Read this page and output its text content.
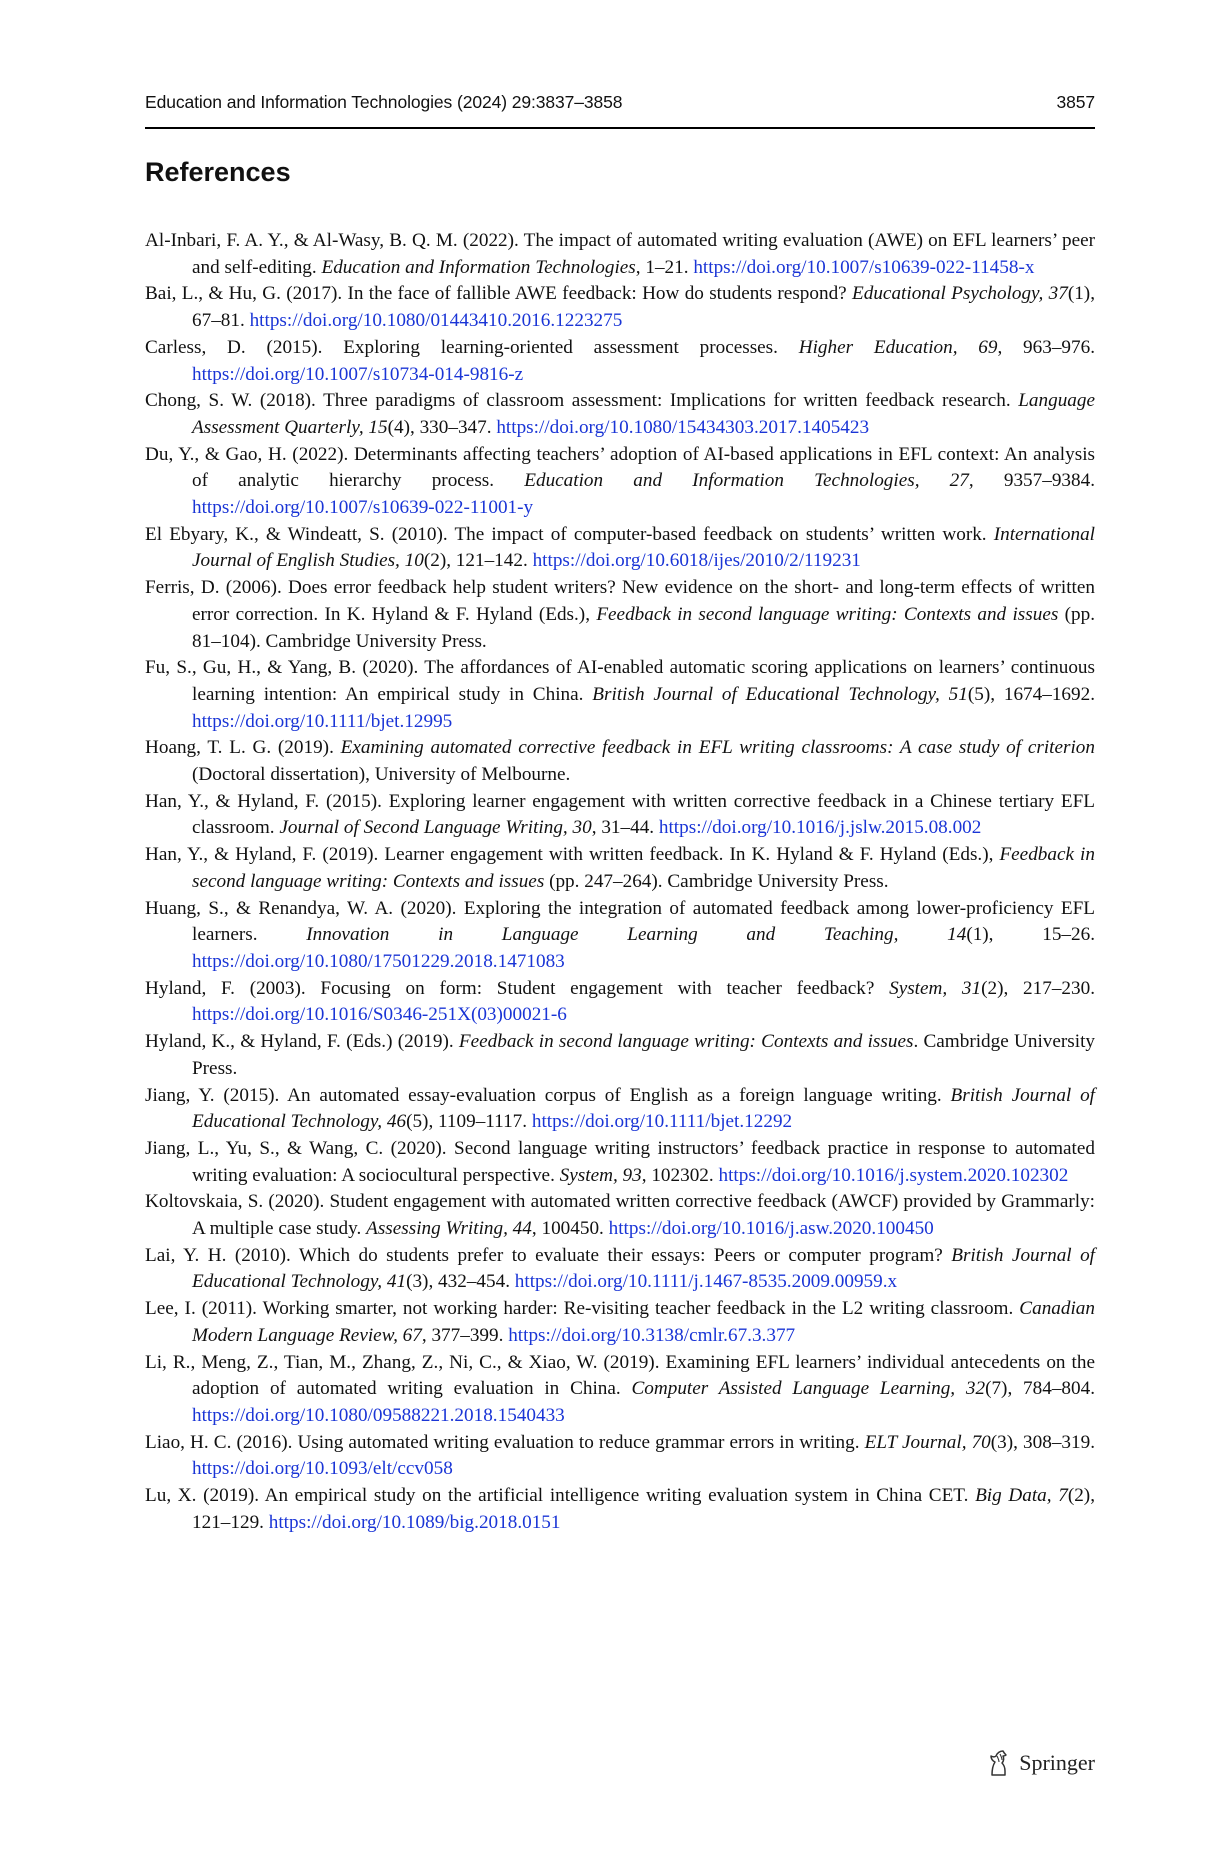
Education and Information Technologies (2024) 29:3837–3858	3857
References
Al-Inbari, F. A. Y., & Al-Wasy, B. Q. M. (2022). The impact of automated writing evaluation (AWE) on EFL learners’ peer and self-editing. Education and Information Technologies, 1–21. https://doi.org/10.1007/s10639-022-11458-x
Bai, L., & Hu, G. (2017). In the face of fallible AWE feedback: How do students respond? Educational Psychology, 37(1), 67–81. https://doi.org/10.1080/01443410.2016.1223275
Carless, D. (2015). Exploring learning-oriented assessment processes. Higher Education, 69, 963–976. https://doi.org/10.1007/s10734-014-9816-z
Chong, S. W. (2018). Three paradigms of classroom assessment: Implications for written feedback research. Language Assessment Quarterly, 15(4), 330–347. https://doi.org/10.1080/15434303.2017.1405423
Du, Y., & Gao, H. (2022). Determinants affecting teachers’ adoption of AI-based applications in EFL context: An analysis of analytic hierarchy process. Education and Information Technologies, 27, 9357–9384. https://doi.org/10.1007/s10639-022-11001-y
El Ebyary, K., & Windeatt, S. (2010). The impact of computer-based feedback on students’ written work. International Journal of English Studies, 10(2), 121–142. https://doi.org/10.6018/ijes/2010/2/119231
Ferris, D. (2006). Does error feedback help student writers? New evidence on the short- and long-term effects of written error correction. In K. Hyland & F. Hyland (Eds.), Feedback in second language writing: Contexts and issues (pp. 81–104). Cambridge University Press.
Fu, S., Gu, H., & Yang, B. (2020). The affordances of AI-enabled automatic scoring applications on learners’ continuous learning intention: An empirical study in China. British Journal of Educational Technology, 51(5), 1674–1692. https://doi.org/10.1111/bjet.12995
Hoang, T. L. G. (2019). Examining automated corrective feedback in EFL writing classrooms: A case study of criterion (Doctoral dissertation), University of Melbourne.
Han, Y., & Hyland, F. (2015). Exploring learner engagement with written corrective feedback in a Chinese tertiary EFL classroom. Journal of Second Language Writing, 30, 31–44. https://doi.org/10.1016/j.jslw.2015.08.002
Han, Y., & Hyland, F. (2019). Learner engagement with written feedback. In K. Hyland & F. Hyland (Eds.), Feedback in second language writing: Contexts and issues (pp. 247–264). Cambridge University Press.
Huang, S., & Renandya, W. A. (2020). Exploring the integration of automated feedback among lower-proficiency EFL learners. Innovation in Language Learning and Teaching, 14(1), 15–26. https://doi.org/10.1080/17501229.2018.1471083
Hyland, F. (2003). Focusing on form: Student engagement with teacher feedback? System, 31(2), 217–230. https://doi.org/10.1016/S0346-251X(03)00021-6
Hyland, K., & Hyland, F. (Eds.) (2019). Feedback in second language writing: Contexts and issues. Cambridge University Press.
Jiang, Y. (2015). An automated essay-evaluation corpus of English as a foreign language writing. British Journal of Educational Technology, 46(5), 1109–1117. https://doi.org/10.1111/bjet.12292
Jiang, L., Yu, S., & Wang, C. (2020). Second language writing instructors’ feedback practice in response to automated writing evaluation: A sociocultural perspective. System, 93, 102302. https://doi.org/10.1016/j.system.2020.102302
Koltovskaia, S. (2020). Student engagement with automated written corrective feedback (AWCF) provided by Grammarly: A multiple case study. Assessing Writing, 44, 100450. https://doi.org/10.1016/j.asw.2020.100450
Lai, Y. H. (2010). Which do students prefer to evaluate their essays: Peers or computer program? British Journal of Educational Technology, 41(3), 432–454. https://doi.org/10.1111/j.1467-8535.2009.00959.x
Lee, I. (2011). Working smarter, not working harder: Re-visiting teacher feedback in the L2 writing classroom. Canadian Modern Language Review, 67, 377–399. https://doi.org/10.3138/cmlr.67.3.377
Li, R., Meng, Z., Tian, M., Zhang, Z., Ni, C., & Xiao, W. (2019). Examining EFL learners’ individual antecedents on the adoption of automated writing evaluation in China. Computer Assisted Language Learning, 32(7), 784–804. https://doi.org/10.1080/09588221.2018.1540433
Liao, H. C. (2016). Using automated writing evaluation to reduce grammar errors in writing. ELT Journal, 70(3), 308–319. https://doi.org/10.1093/elt/ccv058
Lu, X. (2019). An empirical study on the artificial intelligence writing evaluation system in China CET. Big Data, 7(2), 121–129. https://doi.org/10.1089/big.2018.0151
Springer
